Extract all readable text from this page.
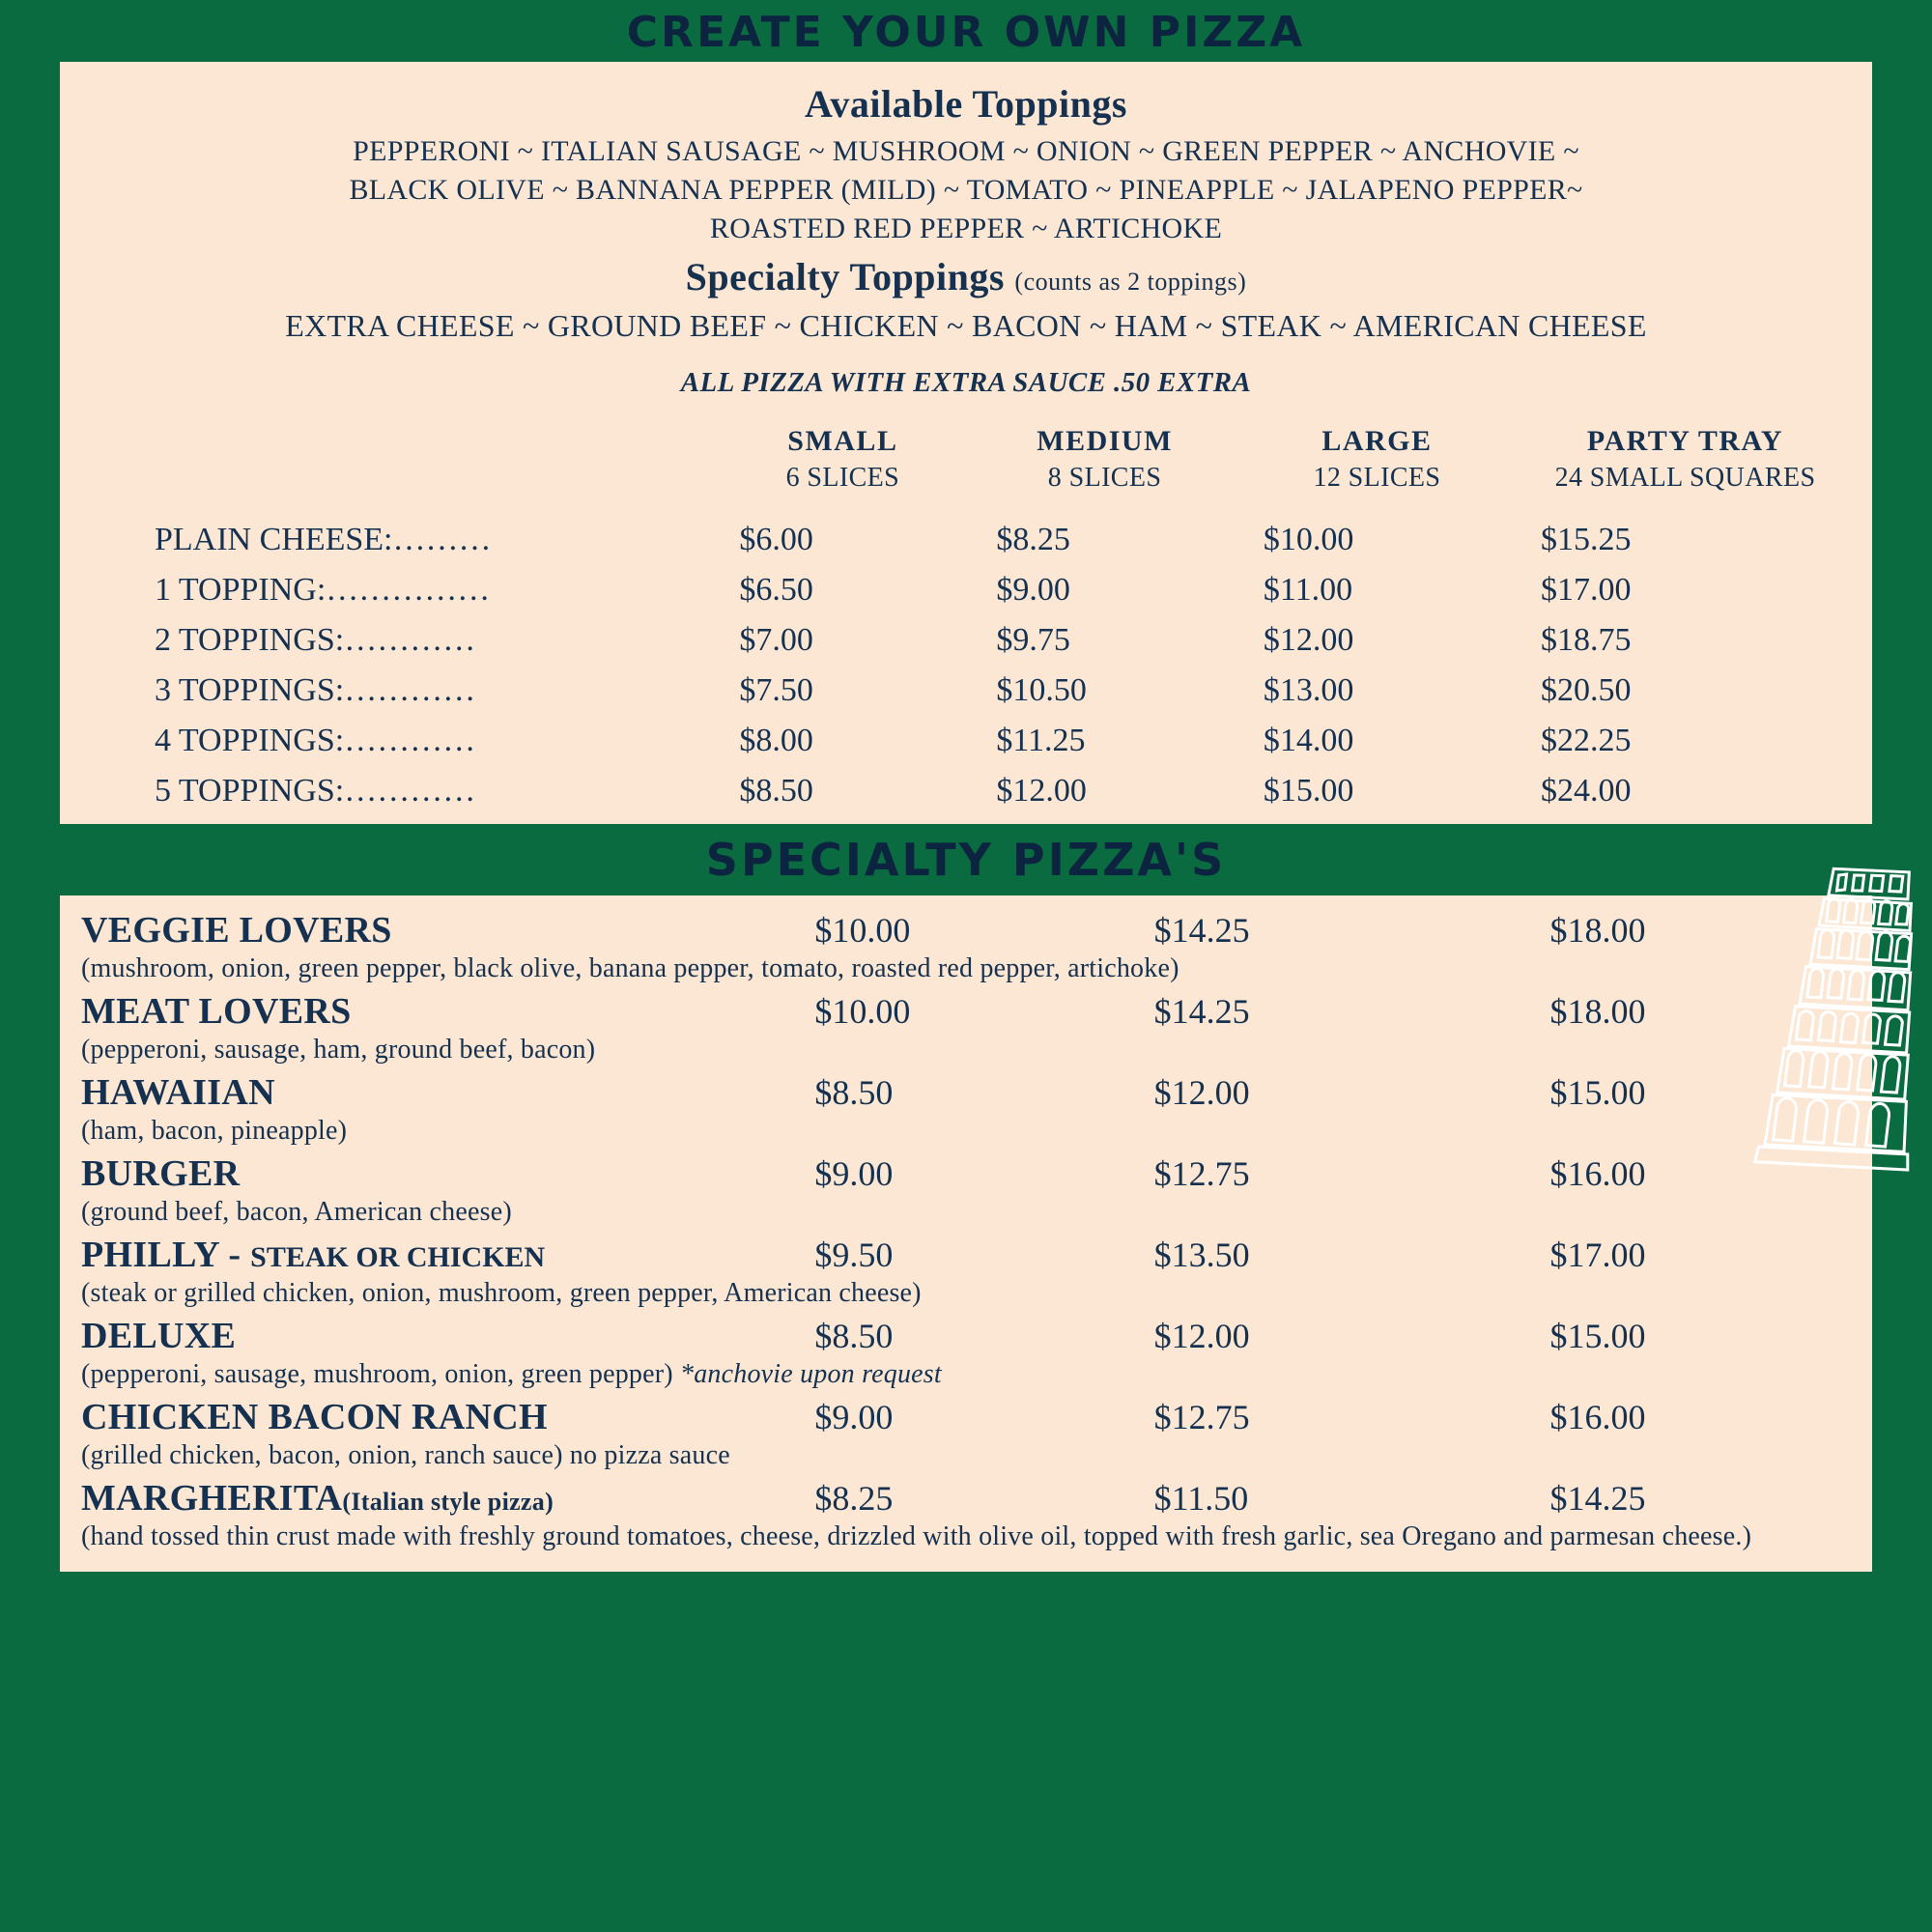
CREATE YOUR OWN PIZZA
Available Toppings
PEPPERONI ~ ITALIAN SAUSAGE ~ MUSHROOM ~ ONION ~ GREEN PEPPER ~ ANCHOVIE ~
BLACK OLIVE ~ BANNANA PEPPER (MILD) ~ TOMATO ~ PINEAPPLE ~ JALAPENO PEPPER~
ROASTED RED PEPPER ~ ARTICHOKE
Specialty Toppings (counts as 2 toppings)
EXTRA CHEESE ~ GROUND BEEF ~ CHICKEN ~ BACON ~ HAM ~ STEAK ~ AMERICAN CHEESE
ALL PIZZA WITH EXTRA SAUCE .50 EXTRA
	SMALL	MEDIUM	LARGE	PARTY TRAY
	6 SLICES	8 SLICES	12 SLICES	24 SMALL SQUARES
PLAIN CHEESE:………	$6.00	$8.25	$10.00	$15.25
1 TOPPING:……………	$6.50	$9.00	$11.00	$17.00
2 TOPPINGS:…………	$7.00	$9.75	$12.00	$18.75
3 TOPPINGS:…………	$7.50	$10.50	$13.00	$20.50
4 TOPPINGS:…………	$8.00	$11.25	$14.00	$22.25
5 TOPPINGS:…………	$8.50	$12.00	$15.00	$24.00
SPECIALTY PIZZA'S
VEGGIE LOVERS	$10.00	$14.25	$18.00
(mushroom, onion, green pepper, black olive, banana pepper, tomato, roasted red pepper, artichoke)
MEAT LOVERS	$10.00	$14.25	$18.00
(pepperoni, sausage, ham, ground beef, bacon)
HAWAIIAN	$8.50	$12.00	$15.00
(ham, bacon, pineapple)
BURGER	$9.00	$12.75	$16.00
(ground beef, bacon, American cheese)
PHILLY - STEAK OR CHICKEN	$9.50	$13.50	$17.00
(steak or grilled chicken, onion, mushroom, green pepper, American cheese)
DELUXE	$8.50	$12.00	$15.00
(pepperoni, sausage, mushroom, onion, green pepper) *anchovie upon request
CHICKEN BACON RANCH	$9.00	$12.75	$16.00
(grilled chicken, bacon, onion, ranch sauce) no pizza sauce
MARGHERITA(Italian style pizza)	$8.25	$11.50	$14.25
(hand tossed thin crust made with freshly ground tomatoes, cheese, drizzled with olive oil, topped with fresh garlic, sea Oregano and parmesan cheese.)
